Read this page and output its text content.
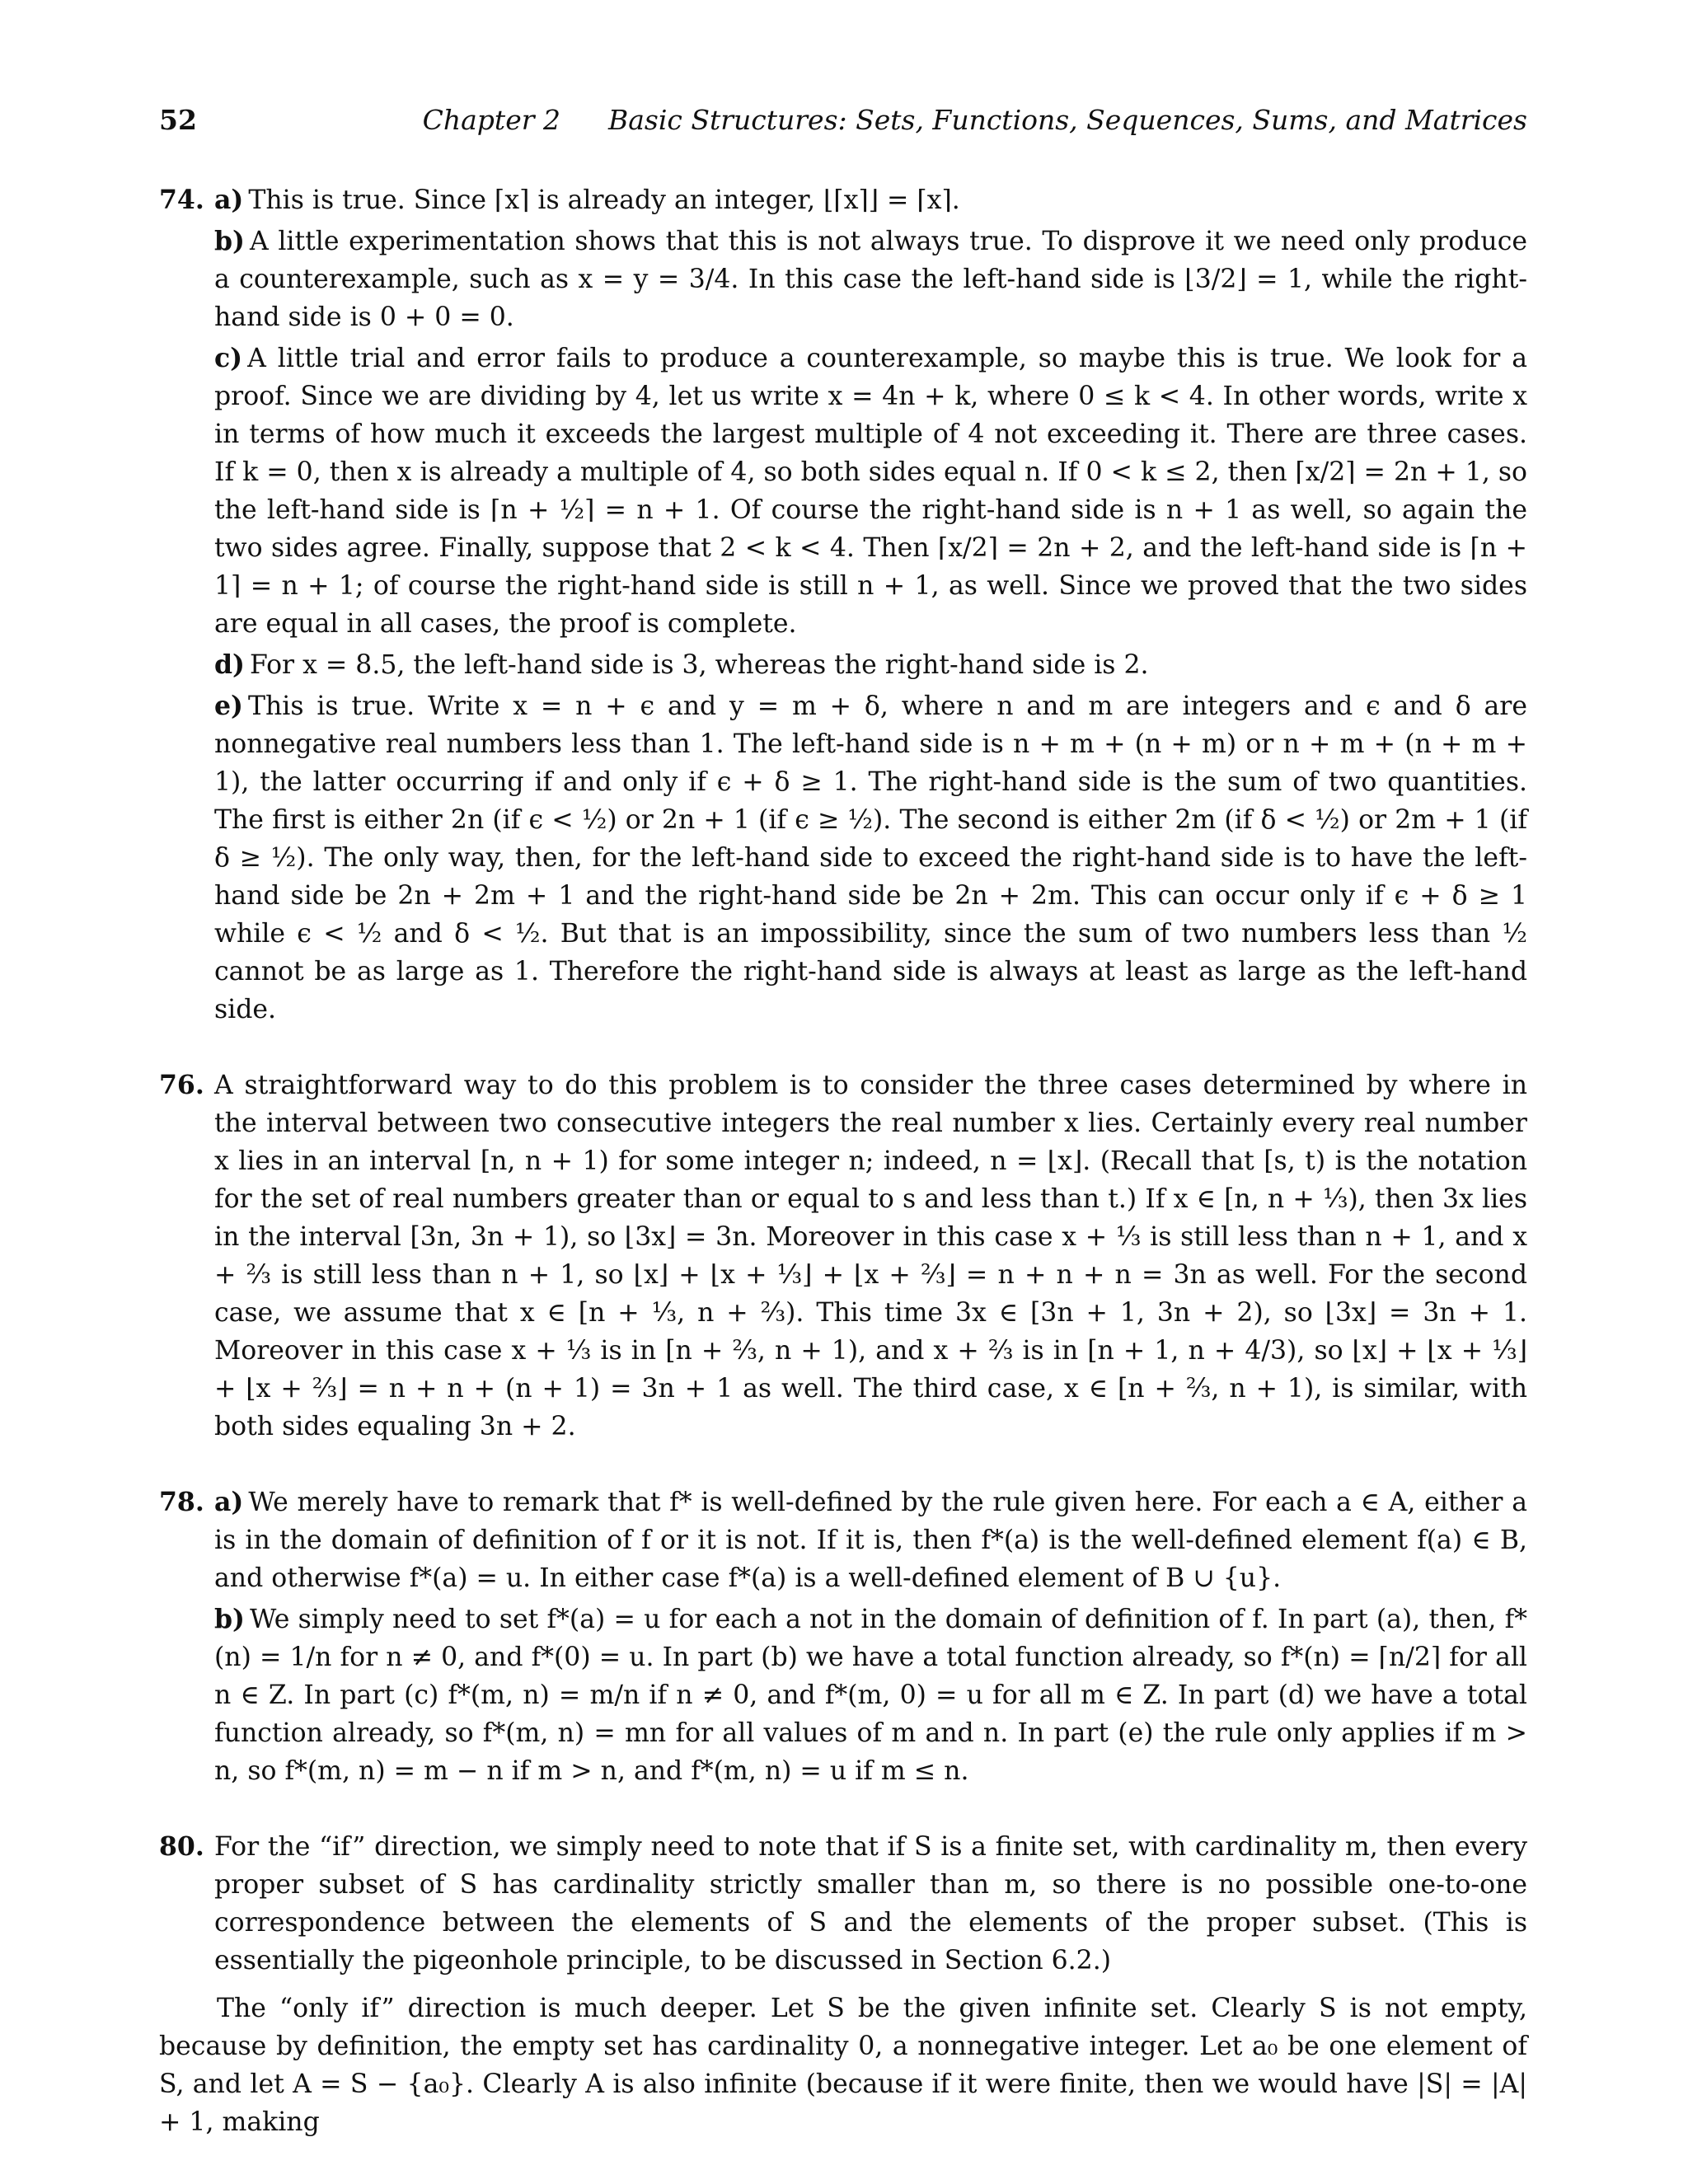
52	Chapter 2 Basic Structures: Sets, Functions, Sequences, Sums, and Matrices
74. a) This is true. Since ⌈x⌉ is already an integer, ⌊⌈x⌉⌋ = ⌈x⌉.

b) A little experimentation shows that this is not always true. To disprove it we need only produce a counterexample, such as x = y = 3/4. In this case the left-hand side is ⌊3/2⌋ = 1, while the right-hand side is 0 + 0 = 0.

c) A little trial and error fails to produce a counterexample, so maybe this is true. We look for a proof. Since we are dividing by 4, let us write x = 4n + k, where 0 ≤ k < 4. In other words, write x in terms of how much it exceeds the largest multiple of 4 not exceeding it. There are three cases. If k = 0, then x is already a multiple of 4, so both sides equal n. If 0 < k ≤ 2, then ⌈x/2⌉ = 2n + 1, so the left-hand side is ⌈n + ½⌉ = n + 1. Of course the right-hand side is n + 1 as well, so again the two sides agree. Finally, suppose that 2 < k < 4. Then ⌈x/2⌉ = 2n + 2, and the left-hand side is ⌈n + 1⌉ = n + 1; of course the right-hand side is still n + 1, as well. Since we proved that the two sides are equal in all cases, the proof is complete.

d) For x = 8.5, the left-hand side is 3, whereas the right-hand side is 2.

e) This is true. Write x = n + ϵ and y = m + δ, where n and m are integers and ϵ and δ are nonnegative real numbers less than 1. The left-hand side is n + m + (n + m) or n + m + (n + m + 1), the latter occurring if and only if ϵ + δ ≥ 1. The right-hand side is the sum of two quantities. The first is either 2n (if ϵ < ½) or 2n + 1 (if ϵ ≥ ½). The second is either 2m (if δ < ½) or 2m + 1 (if δ ≥ ½). The only way, then, for the left-hand side to exceed the right-hand side is to have the left-hand side be 2n + 2m + 1 and the right-hand side be 2n + 2m. This can occur only if ϵ + δ ≥ 1 while ϵ < ½ and δ < ½. But that is an impossibility, since the sum of two numbers less than ½ cannot be as large as 1. Therefore the right-hand side is always at least as large as the left-hand side.

76. A straightforward way to do this problem is to consider the three cases determined by where in the interval between two consecutive integers the real number x lies. Certainly every real number x lies in an interval [n, n + 1) for some integer n; indeed, n = ⌊x⌋. (Recall that [s, t) is the notation for the set of real numbers greater than or equal to s and less than t.) If x ∈ [n, n + ⅓), then 3x lies in the interval [3n, 3n + 1), so ⌊3x⌋ = 3n. Moreover in this case x + ⅓ is still less than n + 1, and x + ⅔ is still less than n + 1, so ⌊x⌋ + ⌊x + ⅓⌋ + ⌊x + ⅔⌋ = n + n + n = 3n as well. For the second case, we assume that x ∈ [n + ⅓, n + ⅔). This time 3x ∈ [3n + 1, 3n + 2), so ⌊3x⌋ = 3n + 1. Moreover in this case x + ⅓ is in [n + ⅔, n + 1), and x + ⅔ is in [n + 1, n + 4/3), so ⌊x⌋ + ⌊x + ⅓⌋ + ⌊x + ⅔⌋ = n + n + (n + 1) = 3n + 1 as well. The third case, x ∈ [n + ⅔, n + 1), is similar, with both sides equaling 3n + 2.

78. a) We merely have to remark that f* is well-defined by the rule given here. For each a ∈ A, either a is in the domain of definition of f or it is not. If it is, then f*(a) is the well-defined element f(a) ∈ B, and otherwise f*(a) = u. In either case f*(a) is a well-defined element of B ∪ {u}.

b) We simply need to set f*(a) = u for each a not in the domain of definition of f. In part (a), then, f*(n) = 1/n for n ≠ 0, and f*(0) = u. In part (b) we have a total function already, so f*(n) = ⌈n/2⌉ for all n ∈ Z. In part (c) f*(m, n) = m/n if n ≠ 0, and f*(m, 0) = u for all m ∈ Z. In part (d) we have a total function already, so f*(m, n) = mn for all values of m and n. In part (e) the rule only applies if m > n, so f*(m, n) = m − n if m > n, and f*(m, n) = u if m ≤ n.

80. For the “if” direction, we simply need to note that if S is a finite set, with cardinality m, then every proper subset of S has cardinality strictly smaller than m, so there is no possible one-to-one correspondence between the elements of S and the elements of the proper subset. (This is essentially the pigeonhole principle, to be discussed in Section 6.2.)

The “only if” direction is much deeper. Let S be the given infinite set. Clearly S is not empty, because by definition, the empty set has cardinality 0, a nonnegative integer. Let a₀ be one element of S, and let A = S − {a₀}. Clearly A is also infinite (because if it were finite, then we would have |S| = |A| + 1, making
